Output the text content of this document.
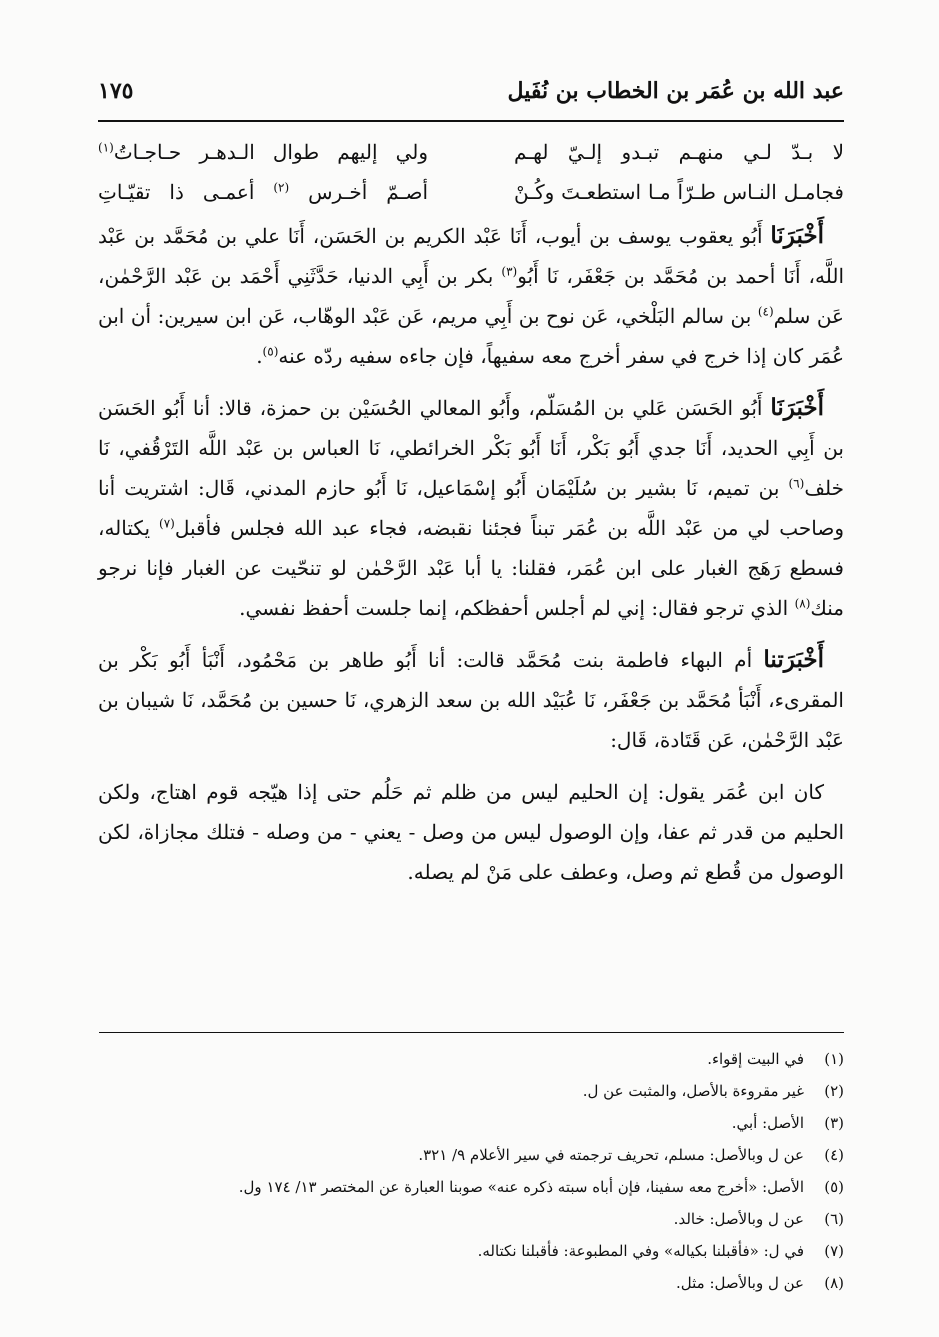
عبد الله بن عُمَر بن الخطاب بن نُفَيل
١٧٥
لا بـدّ لـي منهـم تبـدو إلـيّ لهـم
ولي إليهم طوال الـدهـر حـاجـاتُ$^{(١)}$
فجامـل النـاس طـرّاً مـا استطعـتَ وكُـنْ
أصـمّ أخـرس $^{(٢)}$ أعمـى ذا تقيّـاتِ

أَخْبَرَنَا أَبُو يعقوب يوسف بن أيوب، أَنَا عَبْد الكريم بن الحَسَن، أَنَا علي بن مُحَمَّد بن عَبْد اللَّه، أَنَا أحمد بن مُحَمَّد بن جَعْفَر، نَا أَبُو$^{(٣)}$ بكر بن أَبِي الدنيا، حَدَّثَنِي أَحْمَد بن عَبْد الرَّحْمٰن، عَن سلم$^{(٤)}$ بن سالم البَلْخي، عَن نوح بن أَبِي مريم، عَن عَبْد الوهّاب، عَن ابن سيرين: أن ابن عُمَر كان إذا خرج في سفر أخرج معه سفيهاً، فإن جاءه سفيه ردّه عنه$^{(٥)}$.

أَخْبَرَنَا أَبُو الحَسَن عَلي بن المُسَلّم، وأَبُو المعالي الحُسَيْن بن حمزة، قالا: أنا أَبُو الحَسَن بن أَبِي الحديد، أَنَا جدي أَبُو بَكْر، أَنَا أَبُو بَكْر الخرائطي، نَا العباس بن عَبْد اللَّه التَرْقُفي، نَا خلف$^{(٦)}$ بن تميم، نَا بشير بن سُلَيْمَان أَبُو إسْمَاعيل، نَا أَبُو حازم المدني، قَال: اشتريت أنا وصاحب لي من عَبْد اللَّه بن عُمَر تبناً فجئنا نقبضه، فجاء عبد الله فجلس فأقبل$^{(٧)}$ يكتاله، فسطع رَهَج الغبار على ابن عُمَر، فقلنا: يا أبا عَبْد الرَّحْمٰن لو تنحّيت عن الغبار فإنا نرجو منك$^{(٨)}$ الذي ترجو فقال: إني لم أجلس أحفظكم، إنما جلست أحفظ نفسي.

أَخْبَرَتنا أم البهاء فاطمة بنت مُحَمَّد قالت: أنا أَبُو طاهر بن مَحْمُود، أَنْبَأ أَبُو بَكْر بن المقرىء، أَنْبَأ مُحَمَّد بن جَعْفَر، نَا عُبَيْد الله بن سعد الزهري، نَا حسين بن مُحَمَّد، نَا شيبان بن عَبْد الرَّحْمٰن، عَن قَتَادة، قَال:

كان ابن عُمَر يقول: إن الحليم ليس من ظلم ثم حَلُم حتى إذا هيّجه قوم اهتاج، ولكن الحليم من قدر ثم عفا، وإن الوصول ليس من وصل - يعني - من وصله - فتلك مجازاة، لكن الوصول من قُطع ثم وصل، وعطف على مَنْ لم يصله.

(١)في البيت إقواء.
(٢)غير مقروءة بالأصل، والمثبت عن ل.
(٣)الأصل: أبي.
(٤)عن ل وبالأصل: مسلم، تحريف ترجمته في سير الأعلام ٩/ ٣٢١.
(٥)الأصل: «أخرج معه سفينا، فإن أباه سبته ذكره عنه» صوبنا العبارة عن المختصر ١٣/ ١٧٤ ول.
(٦)عن ل وبالأصل: خالد.
(٧)في ل: «فأقبلنا بكياله» وفي المطبوعة: فأقبلنا نكتاله.
(٨)عن ل وبالأصل: مثل.
